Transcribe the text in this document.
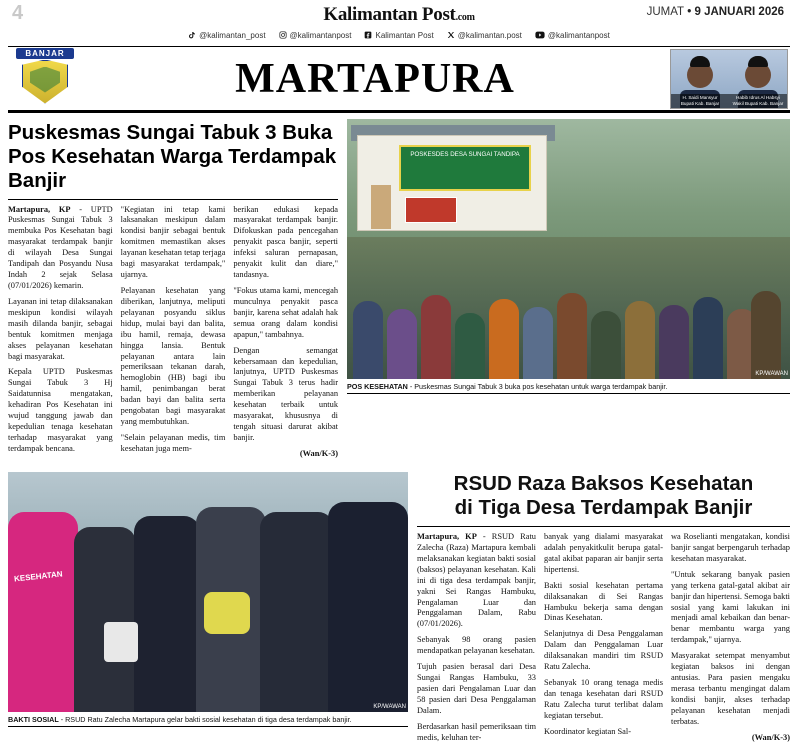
4	Kalimantan Post.com	JUMAT • 9 JANUARI 2026
@kalimantan_post	@kalimantanpost	Kalimantan Post	@kalimantan.post	@kalimantanpost
BANJAR
MARTAPURA	H. Saidi Mansyur
Bupati Kab. Banjar
Habib Idrus Al Habsyi
Wakil Bupati Kab. Banjar
Puskesmas Sungai Tabuk 3 Buka Pos Kesehatan Warga Terdampak Banjir

Martapura, KP - UPTD Puskesmas Sungai Tabuk 3 membuka Pos Kesehatan bagi masyarakat terdampak banjir di wilayah Desa Sungai Tandipah dan Posyandu Nusa Indah 2 sejak Selasa (07/01/2026) kemarin.

Layanan ini tetap dilaksanakan meskipun kondisi wilayah masih dilanda banjir, sebagai bentuk komitmen menjaga akses pelayanan kesehatan bagi masyarakat.

Kepala UPTD Puskesmas Sungai Tabuk 3 Hj Saidatunnisa mengatakan, kehadiran Pos Kesehatan ini wujud tanggung jawab dan kepedulian tenaga kesehatan terhadap masyarakat yang terdampak bencana.

"Kegiatan ini tetap kami laksanakan meskipun dalam kondisi banjir sebagai bentuk komitmen memastikan akses layanan kesehatan tetap terjaga bagi masyarakat terdampak," ujarnya.

Pelayanan kesehatan yang diberikan, lanjutnya, meliputi pelayanan posyandu siklus hidup, mulai bayi dan balita, ibu hamil, remaja, dewasa hingga lansia. Bentuk pelayanan antara lain pemeriksaan tekanan darah, hemoglobin (HB) bagi ibu hamil, penimbangan berat badan bayi dan balita serta pengobatan bagi masyarakat yang membutuhkan.

"Selain pelayanan medis, tim kesehatan juga mem-

berikan edukasi kepada masyarakat terdampak banjir. Difokuskan pada pencegahan penyakit pasca banjir, seperti infeksi saluran pernapasan, penyakit kulit dan diare," tandasnya.

"Fokus utama kami, mencegah munculnya penyakit pasca banjir, karena sehat adalah hak semua orang dalam kondisi apapun," tambahnya.

Dengan semangat kebersamaan dan kepedulian, lanjutnya, UPTD Puskesmas Sungai Tabuk 3 terus hadir memberikan pelayanan kesehatan terbaik untuk masyarakat, khususnya di tengah situasi darurat akibat banjir.

(Wan/K-3)

POSKESDES DESA SUNGAI TANDIPA
KP/WAWAN
POS KESEHATAN - Puskesmas Sungai Tabuk 3 buka pos kesehatan untuk warga terdampak banjir.
KESEHATAN
KP/WAWAN
BAKTI SOSIAL - RSUD Ratu Zalecha Martapura gelar bakti sosial kesehatan di tiga desa terdampak banjir.
RSUD Raza Baksos Kesehatan
di Tiga Desa Terdampak Banjir

Martapura, KP - RSUD Ratu Zalecha (Raza) Martapura kembali melaksanakan kegiatan bakti sosial (baksos) pelayanan kesehatan. Kali ini di tiga desa terdampak banjir, yakni Sei Rangas Hambuku, Pengalaman Luar dan Penggalaman Dalam, Rabu (07/01/2026).

Sebanyak 98 orang pasien mendapatkan pelayanan kesehatan.

Tujuh pasien berasal dari Desa Sungai Rangas Hambuku, 33 pasien dari Pengalaman Luar dan 58 pasien dari Desa Penggalaman Dalam.

Berdasarkan hasil pemeriksaan tim medis, keluhan ter-

banyak yang dialami masyarakat adalah penyakitkulit berupa gatal-gatal akibat paparan air banjir serta hipertensi.

Bakti sosial kesehatan pertama dilaksanakan di Sei Rangas Hambuku bekerja sama dengan Dinas Kesehatan.

Selanjutnya di Desa Penggalaman Dalam dan Penggalaman Luar dilaksanakan mandiri tim RSUD Ratu Zalecha.

Sebanyak 10 orang tenaga medis dan tenaga kesehatan dari RSUD Ratu Zalecha turut terlibat dalam kegiatan tersebut.

Koordinator kegiatan Sal-

wa Roselianti mengatakan, kondisi banjir sangat berpengaruh terhadap kesehatan masyarakat.

"Untuk sekarang banyak pasien yang terkena gatal-gatal akibat air banjir dan hipertensi. Semoga bakti sosial yang kami lakukan ini menjadi amal kebaikan dan benar-benar membantu warga yang terdampak," ujarnya.

Masyarakat setempat menyambut kegiatan baksos ini dengan antusias. Para pasien mengaku merasa terbantu mengingat dalam kondisi banjir, akses terhadap pelayanan kesehatan menjadi terbatas.

(Wan/K-3)
